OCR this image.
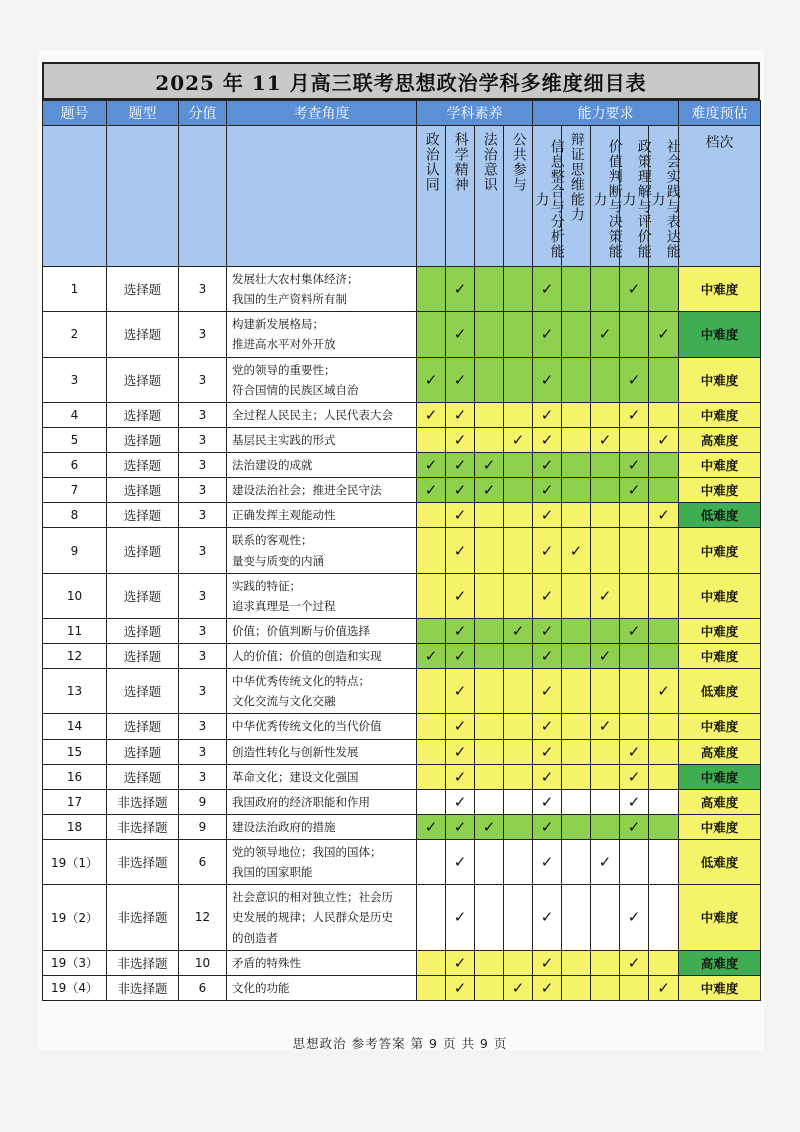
2025 年 11 月高三联考思想政治学科多维度细目表
题号	题型	分值	考查角度	学科素养				能力要求					难度预估

				政治认同	科学精神	法治意识	公共参与	信息整合与分析能力	辩证思维能力	价值判断与决策能力	政策理解与评价能力	社会实践与表达能力	档次

1	选择题	3	发展壮大农村集体经济；
我国的生产资料所有制		✓			✓			✓		中难度
2	选择题	3	构建新发展格局；
推进高水平对外开放		✓			✓		✓		✓	中难度
3	选择题	3	党的领导的重要性；
符合国情的民族区域自治	✓	✓			✓			✓		中难度
4	选择题	3	全过程人民民主；人民代表大会	✓	✓			✓			✓		中难度
5	选择题	3	基层民主实践的形式		✓		✓	✓		✓		✓	高难度
6	选择题	3	法治建设的成就	✓	✓	✓		✓			✓		中难度
7	选择题	3	建设法治社会；推进全民守法	✓	✓	✓		✓			✓		中难度
8	选择题	3	正确发挥主观能动性		✓			✓				✓	低难度
9	选择题	3	联系的客观性；
量变与质变的内涵		✓			✓	✓				中难度
10	选择题	3	实践的特征；
追求真理是一个过程		✓			✓		✓			中难度
11	选择题	3	价值；价值判断与价值选择		✓		✓	✓			✓		中难度
12	选择题	3	人的价值；价值的创造和实现	✓	✓			✓		✓			中难度
13	选择题	3	中华优秀传统文化的特点；
文化交流与文化交融		✓			✓				✓	低难度
14	选择题	3	中华优秀传统文化的当代价值		✓			✓		✓			中难度
15	选择题	3	创造性转化与创新性发展		✓			✓			✓		高难度
16	选择题	3	革命文化；建设文化强国		✓			✓			✓		中难度
17	非选择题	9	我国政府的经济职能和作用		✓			✓			✓		高难度
18	非选择题	9	建设法治政府的措施	✓	✓	✓		✓			✓		中难度
19（1）	非选择题	6	党的领导地位；我国的国体；
我国的国家职能		✓			✓		✓			低难度
19（2）	非选择题	12	社会意识的相对独立性；社会历
史发展的规律；人民群众是历史
的创造者		✓			✓			✓		中难度
19（3）	非选择题	10	矛盾的特殊性		✓			✓			✓		高难度
19（4）	非选择题	6	文化的功能		✓		✓	✓				✓	中难度
思想政治 参考答案 第 9 页 共 9 页
